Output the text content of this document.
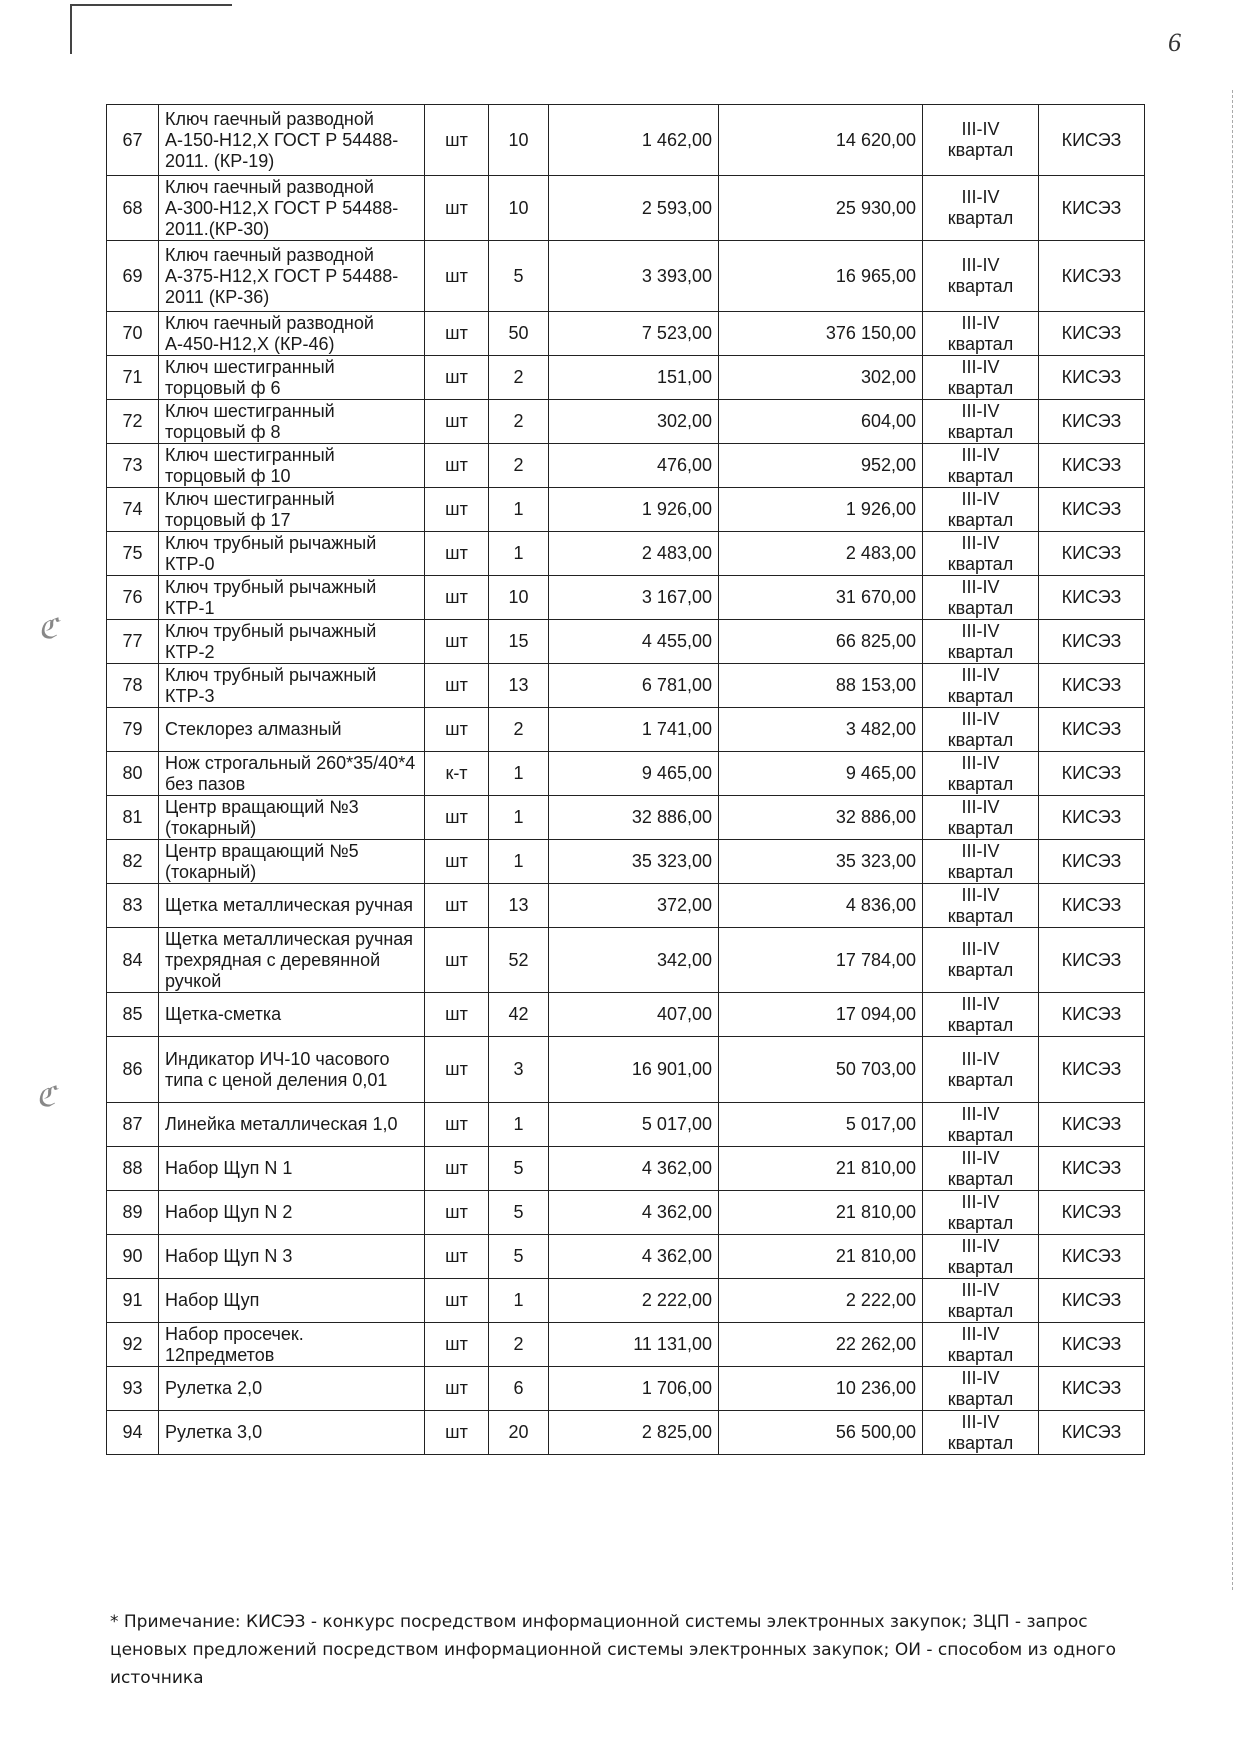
ℭ
ℭ
6
67	Ключ гаечный разводной А-150-Н12,Х ГОСТ Р 54488-2011. (КР-19)	шт	10	1 462,00	14 620,00	III-IV квартал	КИСЭЗ
68	Ключ гаечный разводной А-300-Н12,Х ГОСТ Р 54488-2011.(КР-30)	шт	10	2 593,00	25 930,00	III-IV квартал	КИСЭЗ
69	Ключ гаечный разводной А-375-Н12,Х ГОСТ Р 54488-2011 (КР-36)	шт	5	3 393,00	16 965,00	III-IV квартал	КИСЭЗ
70	Ключ гаечный разводной А-450-Н12,Х (КР-46)	шт	50	7 523,00	376 150,00	III-IV квартал	КИСЭЗ
71	Ключ шестигранный торцовый ф 6	шт	2	151,00	302,00	III-IV квартал	КИСЭЗ
72	Ключ шестигранный торцовый ф 8	шт	2	302,00	604,00	III-IV квартал	КИСЭЗ
73	Ключ шестигранный торцовый ф 10	шт	2	476,00	952,00	III-IV квартал	КИСЭЗ
74	Ключ шестигранный торцовый ф 17	шт	1	1 926,00	1 926,00	III-IV квартал	КИСЭЗ
75	Ключ трубный рычажный КТР-0	шт	1	2 483,00	2 483,00	III-IV квартал	КИСЭЗ
76	Ключ трубный рычажный КТР-1	шт	10	3 167,00	31 670,00	III-IV квартал	КИСЭЗ
77	Ключ трубный рычажный КТР-2	шт	15	4 455,00	66 825,00	III-IV квартал	КИСЭЗ
78	Ключ трубный рычажный КТР-3	шт	13	6 781,00	88 153,00	III-IV квартал	КИСЭЗ
79	Стеклорез алмазный	шт	2	1 741,00	3 482,00	III-IV квартал	КИСЭЗ
80	Нож строгальный 260*35/40*4 без пазов	к-т	1	9 465,00	9 465,00	III-IV квартал	КИСЭЗ
81	Центр вращающий №3 (токарный)	шт	1	32 886,00	32 886,00	III-IV квартал	КИСЭЗ
82	Центр вращающий №5 (токарный)	шт	1	35 323,00	35 323,00	III-IV квартал	КИСЭЗ
83	Щетка металлическая ручная	шт	13	372,00	4 836,00	III-IV квартал	КИСЭЗ
84	Щетка металлическая ручная трехрядная с деревянной ручкой	шт	52	342,00	17 784,00	III-IV квартал	КИСЭЗ
85	Щетка-сметка	шт	42	407,00	17 094,00	III-IV квартал	КИСЭЗ
86	Индикатор ИЧ-10 часового типа с ценой деления 0,01	шт	3	16 901,00	50 703,00	III-IV квартал	КИСЭЗ
87	Линейка металлическая 1,0	шт	1	5 017,00	5 017,00	III-IV квартал	КИСЭЗ
88	Набор Щуп N 1	шт	5	4 362,00	21 810,00	III-IV квартал	КИСЭЗ
89	Набор Щуп N 2	шт	5	4 362,00	21 810,00	III-IV квартал	КИСЭЗ
90	Набор Щуп N 3	шт	5	4 362,00	21 810,00	III-IV квартал	КИСЭЗ
91	Набор Щуп	шт	1	2 222,00	2 222,00	III-IV квартал	КИСЭЗ
92	Набор просечек. 12предметов	шт	2	11 131,00	22 262,00	III-IV квартал	КИСЭЗ
93	Рулетка 2,0	шт	6	1 706,00	10 236,00	III-IV квартал	КИСЭЗ
94	Рулетка 3,0	шт	20	2 825,00	56 500,00	III-IV квартал	КИСЭЗ
* Примечание: КИСЭЗ - конкурс посредством информационной системы электронных закупок; ЗЦП - запрос ценовых предложений посредством информационной системы электронных закупок; ОИ - способом из одного источника
